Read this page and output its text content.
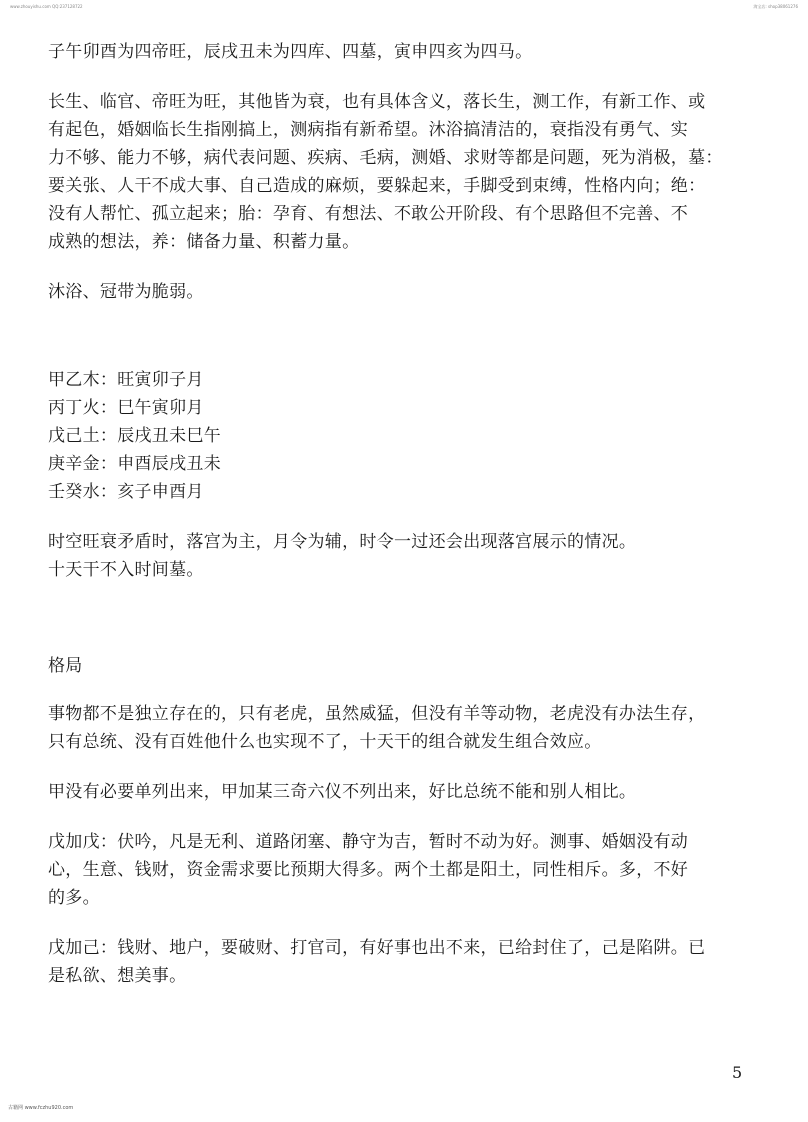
www.zhouyishu.com QQ:237128722	淘宝店: shop38061276

子午卯酉为四帝旺，辰戌丑未为四库、四墓，寅申四亥为四马。

长生、临官、帝旺为旺，其他皆为衰，也有具体含义，落长生，测工作，有新工作、或
有起色，婚姻临长生指刚搞上，测病指有新希望。沐浴搞清洁的，衰指没有勇气、实
力不够、能力不够，病代表问题、疾病、毛病，测婚、求财等都是问题，死为消极，墓：
要关张、人干不成大事、自己造成的麻烦，要躲起来，手脚受到束缚，性格内向；绝：
没有人帮忙、孤立起来；胎：孕育、有想法、不敢公开阶段、有个思路但不完善、不
成熟的想法，养：储备力量、积蓄力量。

沐浴、冠带为脆弱。

甲乙木：旺寅卯子月
丙丁火：巳午寅卯月
戊己土：辰戌丑未巳午
庚辛金：申酉辰戌丑未
壬癸水：亥子申酉月

时空旺衰矛盾时，落宫为主，月令为辅，时令一过还会出现落宫展示的情况。
十天干不入时间墓。

格局

事物都不是独立存在的，只有老虎，虽然威猛，但没有羊等动物，老虎没有办法生存，
只有总统、没有百姓他什么也实现不了，十天干的组合就发生组合效应。

甲没有必要单列出来，甲加某三奇六仪不列出来，好比总统不能和别人相比。

戊加戊：伏吟，凡是无利、道路闭塞、静守为吉，暂时不动为好。测事、婚姻没有动
心，生意、钱财，资金需求要比预期大得多。两个土都是阳土，同性相斥。多，不好
的多。

戊加己：钱财、地户，要破财、打官司，有好事也出不来，已给封住了，己是陷阱。已
是私欲、想美事。

5
古籍网 www.fczhu920.com
